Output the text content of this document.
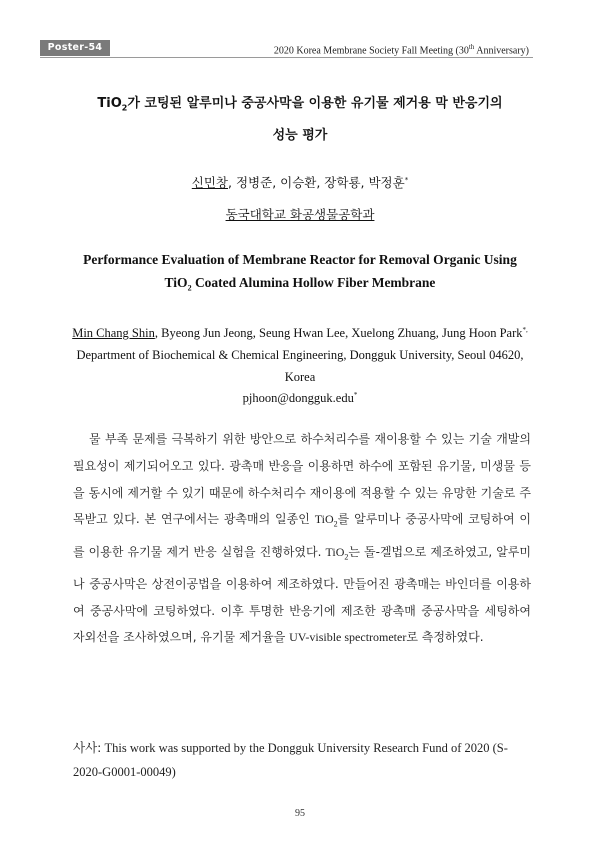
Poster-54	2020 Korea Membrane Society Fall Meeting (30th Anniversary)
TiO$_2$가 코팅된 알루미나 중공사막을 이용한 유기물 제거용 막 반응기의
성능 평가
신민창, 정병준, 이승환, 장학룡, 박정훈*
동국대학교 화공생물공학과
Performance Evaluation of Membrane Reactor for Removal Organic Using
TiO$_2$ Coated Alumina Hollow Fiber Membrane
Min Chang Shin, Byeong Jun Jeong, Seung Hwan Lee, Xuelong Zhuang, Jung Hoon Park*,
Department of Biochemical & Chemical Engineering, Dongguk University, Seoul 04620,
Korea
pjhoon@dongguk.edu*

물 부족 문제를 극복하기 위한 방안으로 하수처리수를 재이용할 수 있는 기술 개발의 필요성이 제기되어오고 있다. 광촉매 반응을 이용하면 하수에 포함된 유기물, 미생물 등을 동시에 제거할 수 있기 때문에 하수처리수 재이용에 적용할 수 있는 유망한 기술로 주목받고 있다. 본 연구에서는 광촉매의 일종인 TiO$_2$를 알루미나 중공사막에 코팅하여 이를 이용한 유기물 제거 반응 실험을 진행하였다. TiO$_2$는 돌-겔법으로 제조하였고, 알루미나 중공사막은 상전이공법을 이용하여 제조하였다. 만들어진 광촉매는 바인더를 이용하여 중공사막에 코팅하였다. 이후 투명한 반응기에 제조한 광촉매 중공사막을 세팅하여 자외선을 조사하였으며, 유기물 제거율을 UV-visible spectrometer로 측정하였다.

사사: This work was supported by the Dongguk University Research Fund of 2020 (S-2020-G0001-00049)
95
